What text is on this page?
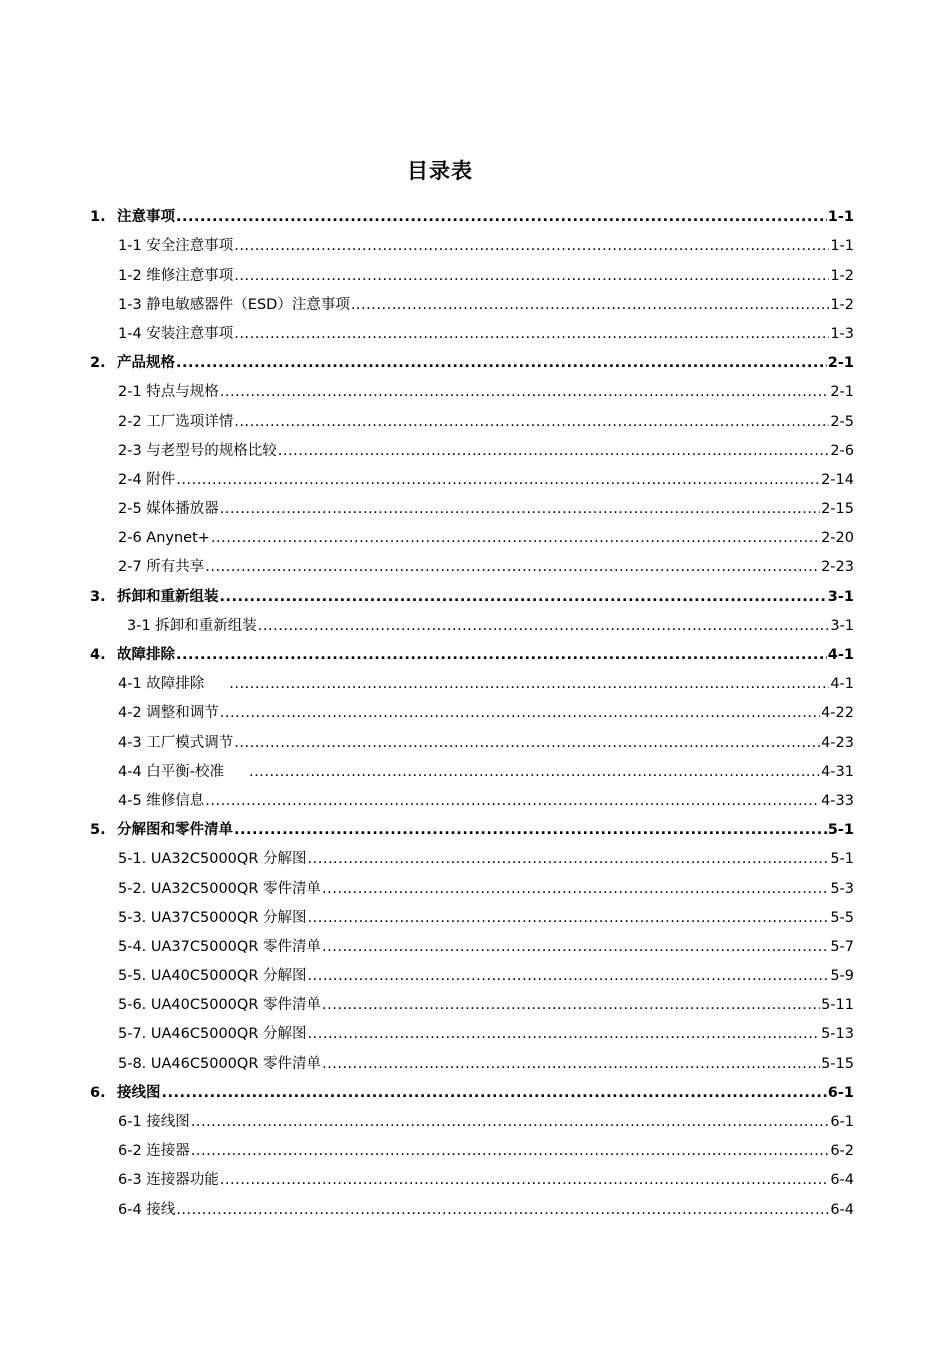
目录表
1. 注意事项 .....	1-1
1-1 安全注意事项 .....	1-1
1-2 维修注意事项 .....	1-2
1-3 静电敏感器件（ESD）注意事项 .....	1-2
1-4 安装注意事项 .....	1-3
2. 产品规格 .....	2-1
2-1 特点与规格 .....	2-1
2-2 工厂选项详情 .....	2-5
2-3 与老型号的规格比较 .....	2-6
2-4 附件 .....	2-14
2-5 媒体播放器 .....	2-15
2-6 Anynet+ .....	2-20
2-7 所有共享 .....	2-23
3. 拆卸和重新组装 .....	3-1
3-1 拆卸和重新组装 .....	3-1
4. 故障排除 .....	4-1
4-1 故障排除 .....	4-1
4-2 调整和调节 .....	4-22
4-3 工厂模式调节 .....	4-23
4-4 白平衡-校准 .....	4-31
4-5 维修信息 .....	4-33
5. 分解图和零件清单 .....	5-1
5-1. UA32C5000QR 分解图 .....	5-1
5-2. UA32C5000QR 零件清单 .....	5-3
5-3. UA37C5000QR 分解图 .....	5-5
5-4. UA37C5000QR 零件清单 .....	5-7
5-5. UA40C5000QR 分解图 .....	5-9
5-6. UA40C5000QR 零件清单 .....	5-11
5-7. UA46C5000QR 分解图 .....	5-13
5-8. UA46C5000QR 零件清单 .....	5-15
6. 接线图 .....	6-1
6-1 接线图 .....	6-1
6-2 连接器 .....	6-2
6-3 连接器功能 .....	6-4
6-4 接线 .....	6-4
